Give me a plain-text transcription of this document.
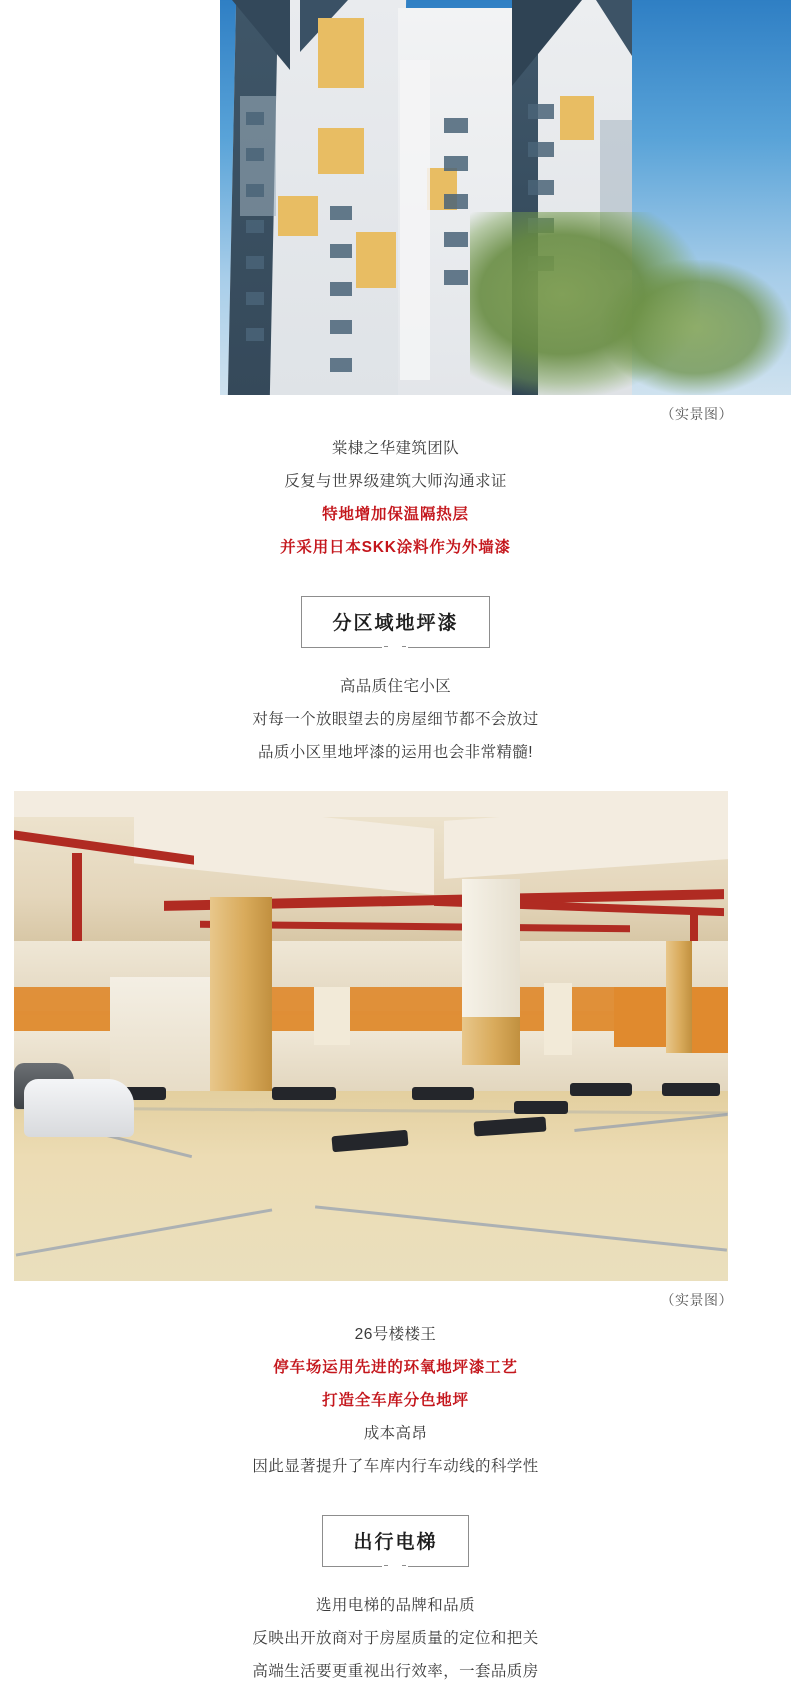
（实景图）
棠棣之华建筑团队
反复与世界级建筑大师沟通求证
特地增加保温隔热层
并采用日本SKK涂料作为外墙漆
分区域地坪漆
高品质住宅小区
对每一个放眼望去的房屋细节都不会放过
品质小区里地坪漆的运用也会非常精髓!
（实景图）
26号楼楼王
停车场运用先进的环氧地坪漆工艺
打造全车库分色地坪
成本高昂
因此显著提升了车库内行车动线的科学性
出行电梯
选用电梯的品牌和品质
反映出开放商对于房屋质量的定位和把关
高端生活要更重视出行效率，一套品质房
